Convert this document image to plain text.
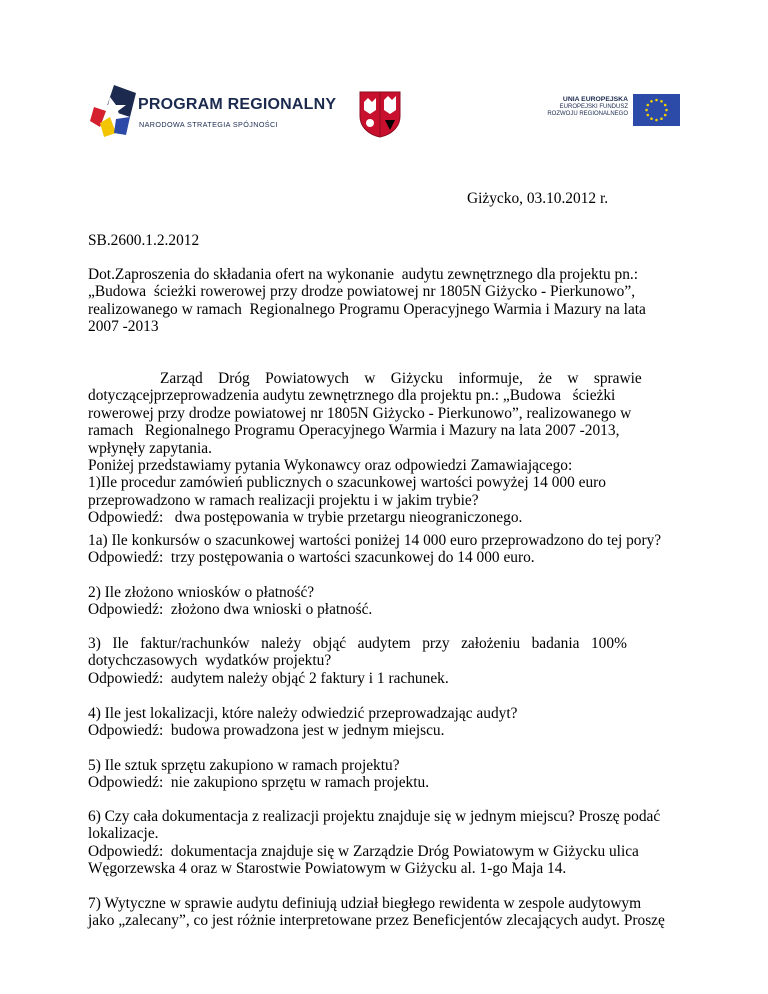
PROGRAM REGIONALNY
NARODOWA STRATEGIA SPÓJNOŚCI
UNIA EUROPEJSKA
EUROPEJSKI FUNDUSZ
ROZWOJU REGIONALNEGO
Giżycko, 03.10.2012 r.
SB.2600.1.2.2012
Dot.Zaproszenia do składania ofert na wykonanie  audytu zewnętrznego dla projektu pn.:
„Budowa  ścieżki rowerowej przy drodze powiatowej nr 1805N Giżycko - Pierkunowo”,
realizowanego w ramach  Regionalnego Programu Operacyjnego Warmia i Mazury na lata
2007 -2013
Zarząd    Dróg    Powiatowych    w    Giżycku    informuje,    że    w    sprawie
dotyczącejprzeprowadzenia audytu zewnętrznego dla projektu pn.: „Budowa   ścieżki
rowerowej przy drodze powiatowej nr 1805N Giżycko - Pierkunowo”, realizowanego w
ramach   Regionalnego Programu Operacyjnego Warmia i Mazury na lata 2007 -2013,
wpłynęły zapytania.
Poniżej przedstawiamy pytania Wykonawcy oraz odpowiedzi Zamawiającego:
1)Ile procedur zamówień publicznych o szacunkowej wartości powyżej 14 000 euro
przeprowadzono w ramach realizacji projektu i w jakim trybie?
Odpowiedź:   dwa postępowania w trybie przetargu nieograniczonego.
1a) Ile konkursów o szacunkowej wartości poniżej 14 000 euro przeprowadzono do tej pory?
Odpowiedź:  trzy postępowania o wartości szacunkowej do 14 000 euro.
2) Ile złożono wniosków o płatność?
Odpowiedź:  złożono dwa wnioski o płatność.
3)   Ile   faktur/rachunków   należy   objąć   audytem   przy   założeniu   badania   100%
dotychczasowych  wydatków projektu?
Odpowiedź:  audytem należy objąć 2 faktury i 1 rachunek.
4) Ile jest lokalizacji, które należy odwiedzić przeprowadzając audyt?
Odpowiedź:  budowa prowadzona jest w jednym miejscu.
5) Ile sztuk sprzętu zakupiono w ramach projektu?
Odpowiedź:  nie zakupiono sprzętu w ramach projektu.
6) Czy cała dokumentacja z realizacji projektu znajduje się w jednym miejscu? Proszę podać
lokalizacje.
Odpowiedź:  dokumentacja znajduje się w Zarządzie Dróg Powiatowym w Giżycku ulica
Węgorzewska 4 oraz w Starostwie Powiatowym w Giżycku al. 1-go Maja 14.
7) Wytyczne w sprawie audytu definiują udział biegłego rewidenta w zespole audytowym
jako „zalecany”, co jest różnie interpretowane przez Beneficjentów zlecających audyt. Proszę
